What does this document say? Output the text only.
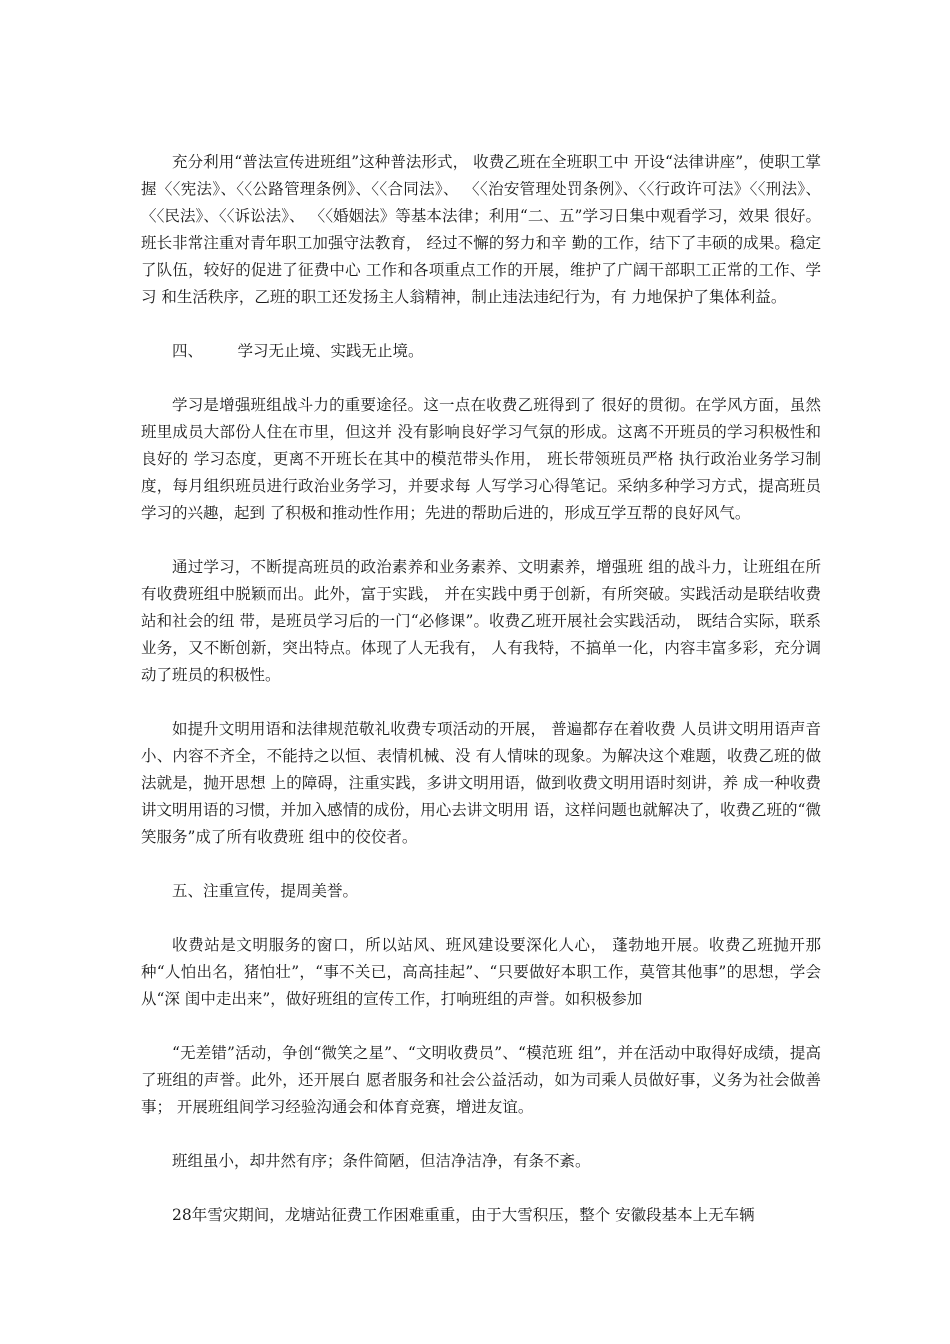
充分利用“普法宣传进班组”这种普法形式， 收费乙班在全班职工中 开设“法律讲座”，使职工掌握〈〈宪法》、〈〈公路管理条例》、〈〈合同法》、 〈〈治安管理处罚条例》、〈〈行政许可法》〈〈刑法》、〈〈民法》、〈〈诉讼法》、 〈〈婚姻法》等基本法律；利用“二、五”学习日集中观看学习，效果 很好。班长非常注重对青年职工加强守法教育， 经过不懈的努力和辛 勤的工作，结下了丰硕的成果。稳定了队伍，较好的促进了征费中心 工作和各项重点工作的开展，维护了广阔干部职工正常的工作、学习 和生活秩序，乙班的职工还发扬主人翁精神，制止违法违纪行为，有 力地保护了集体利益。

四、       学习无止境、实践无止境。

学习是增强班组战斗力的重要途径。这一点在收费乙班得到了 很好的贯彻。在学风方面，虽然班里成员大部份人住在市里，但这并 没有影响良好学习气氛的形成。这离不开班员的学习积极性和良好的 学习态度，更离不开班长在其中的模范带头作用， 班长带领班员严格 执行政治业务学习制度，每月组织班员进行政治业务学习，并要求每 人写学习心得笔记。采纳多种学习方式，提高班员学习的兴趣，起到 了积极和推动性作用；先进的帮助后进的，形成互学互帮的良好风气。

通过学习，不断提高班员的政治素养和业务素养、文明素养，增强班 组的战斗力，让班组在所有收费班组中脱颖而出。此外，富于实践， 并在实践中勇于创新，有所突破。实践活动是联结收费站和社会的纽 带，是班员学习后的一门“必修课”。收费乙班开展社会实践活动， 既结合实际，联系业务，又不断创新，突出特点。体现了人无我有， 人有我特，不搞单一化，内容丰富多彩，充分调动了班员的积极性。

如提升文明用语和法律规范敬礼收费专项活动的开展， 普遍都存在着收费 人员讲文明用语声音小、内容不齐全，不能持之以恒、表情机械、没 有人情味的现象。为解决这个难题，收费乙班的做法就是，抛开思想 上的障碍，注重实践，多讲文明用语，做到收费文明用语时刻讲，养 成一种收费讲文明用语的习惯，并加入感情的成份，用心去讲文明用 语，这样问题也就解决了，收费乙班的“微笑服务”成了所有收费班 组中的佼佼者。

五、注重宣传，提周美誉。

收费站是文明服务的窗口，所以站风、班风建设要深化人心， 蓬勃地开展。收费乙班抛开那种“人怕出名，猪怕壮”，“事不关已，高高挂起”、“只要做好本职工作，莫管其他事”的思想，学会从“深 闺中走出来”，做好班组的宣传工作，打响班组的声誉。如积极参加

“无差错”活动，争创“微笑之星”、“文明收费员”、“模范班 组”，并在活动中取得好成绩，提高了班组的声誉。此外，还开展白 愿者服务和社会公益活动，如为司乘人员做好事，义务为社会做善事； 开展班组间学习经验沟通会和体育竞赛，增进友谊。

班组虽小，却井然有序；条件简陋，但洁净洁净，有条不紊。

28年雪灾期间，龙塘站征费工作困难重重，由于大雪积压，整个 安徽段基本上无车辆
